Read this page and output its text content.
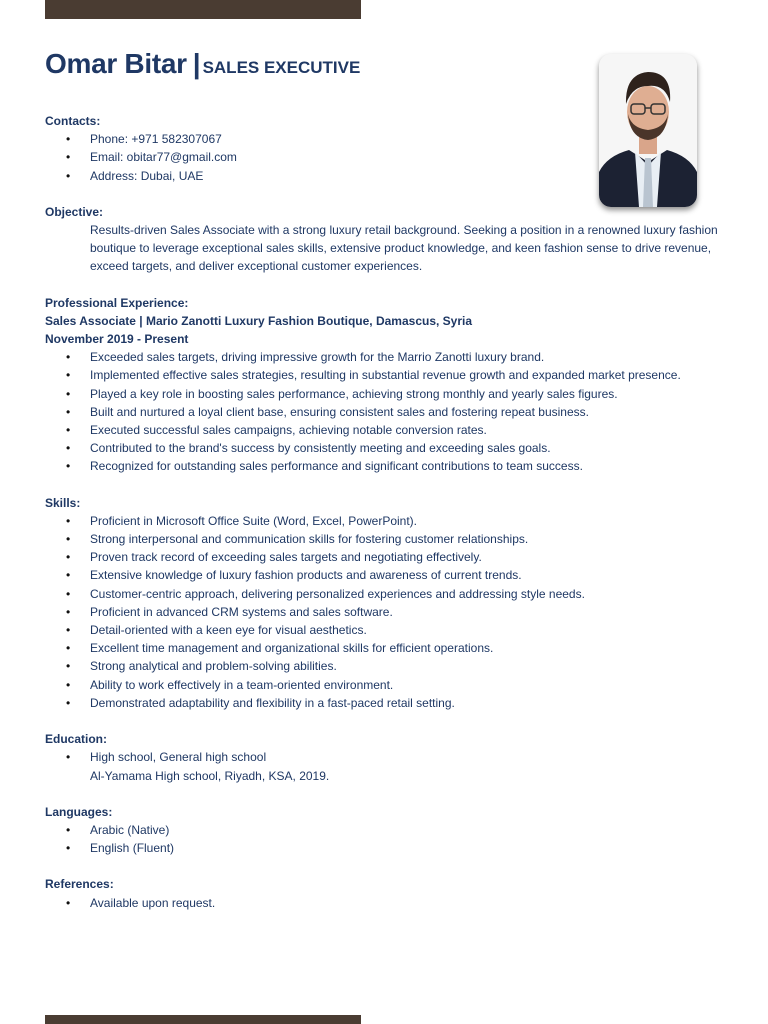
Omar Bitar | SALES EXECUTIVE
Contacts:
• Phone: +971 582307067
• Email: obitar77@gmail.com
• Address: Dubai, UAE
Objective:
Results-driven Sales Associate with a strong luxury retail background. Seeking a position in a renowned luxury fashion boutique to leverage exceptional sales skills, extensive product knowledge, and keen fashion sense to drive revenue, exceed targets, and deliver exceptional customer experiences.
Professional Experience:
Sales Associate | Mario Zanotti Luxury Fashion Boutique, Damascus, Syria
November 2019 - Present
• Exceeded sales targets, driving impressive growth for the Marrio Zanotti luxury brand.
• Implemented effective sales strategies, resulting in substantial revenue growth and expanded market presence.
• Played a key role in boosting sales performance, achieving strong monthly and yearly sales figures.
• Built and nurtured a loyal client base, ensuring consistent sales and fostering repeat business.
• Executed successful sales campaigns, achieving notable conversion rates.
• Contributed to the brand's success by consistently meeting and exceeding sales goals.
• Recognized for outstanding sales performance and significant contributions to team success.
Skills:
• Proficient in Microsoft Office Suite (Word, Excel, PowerPoint).
• Strong interpersonal and communication skills for fostering customer relationships.
• Proven track record of exceeding sales targets and negotiating effectively.
• Extensive knowledge of luxury fashion products and awareness of current trends.
• Customer-centric approach, delivering personalized experiences and addressing style needs.
• Proficient in advanced CRM systems and sales software.
• Detail-oriented with a keen eye for visual aesthetics.
• Excellent time management and organizational skills for efficient operations.
• Strong analytical and problem-solving abilities.
• Ability to work effectively in a team-oriented environment.
• Demonstrated adaptability and flexibility in a fast-paced retail setting.
Education:
• High school, General high school
Al-Yamama High school, Riyadh, KSA, 2019.
Languages:
• Arabic (Native)
• English (Fluent)
References:
• Available upon request.
